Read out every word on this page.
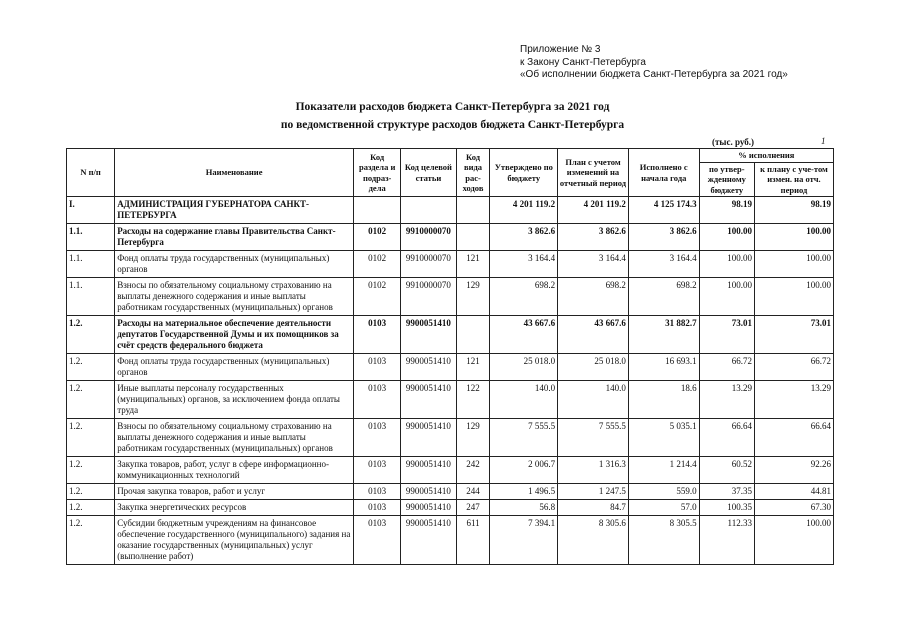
Приложение № 3
к Закону Санкт-Петербурга
«Об исполнении бюджета Санкт-Петербурга за 2021 год»
Показатели расходов бюджета Санкт-Петербурга за 2021 год
по ведомственной структуре расходов бюджета Санкт-Петербурга
(тыс. руб.)	1
N п/п	Наименование	Код раздела и подраз-дела	Код целевой статьи	Код вида рас-ходов	Утверждено по бюджету	План с учетом изменений на отчетный период	Исполнено с начала года	% исполнения	
								по утвер-жденному бюджету	к плану с уче-том измен. на отч. период
I.	АДМИНИСТРАЦИЯ ГУБЕРНАТОРА САНКТ-ПЕТЕРБУРГА				4 201 119.2	4 201 119.2	4 125 174.3	98.19	98.19
1.1.	Расходы на содержание главы Правительства Санкт-Петербурга	0102	9910000070		3 862.6	3 862.6	3 862.6	100.00	100.00
1.1.	Фонд оплаты труда государственных (муниципальных) органов	0102	9910000070	121	3 164.4	3 164.4	3 164.4	100.00	100.00
1.1.	Взносы по обязательному социальному страхованию на выплаты денежного содержания и иные выплаты работникам государственных (муниципальных) органов	0102	9910000070	129	698.2	698.2	698.2	100.00	100.00
1.2.	Расходы на материальное обеспечение деятельности депутатов Государственной Думы и их помощников за счёт средств федерального бюджета	0103	9900051410		43 667.6	43 667.6	31 882.7	73.01	73.01
1.2.	Фонд оплаты труда государственных (муниципальных) органов	0103	9900051410	121	25 018.0	25 018.0	16 693.1	66.72	66.72
1.2.	Иные выплаты персоналу государственных (муниципальных) органов, за исключением фонда оплаты труда	0103	9900051410	122	140.0	140.0	18.6	13.29	13.29
1.2.	Взносы по обязательному социальному страхованию на выплаты денежного содержания и иные выплаты работникам государственных (муниципальных) органов	0103	9900051410	129	7 555.5	7 555.5	5 035.1	66.64	66.64
1.2.	Закупка товаров, работ, услуг в сфере информационно-коммуникационных технологий	0103	9900051410	242	2 006.7	1 316.3	1 214.4	60.52	92.26
1.2.	Прочая закупка товаров, работ и услуг	0103	9900051410	244	1 496.5	1 247.5	559.0	37.35	44.81
1.2.	Закупка энергетических ресурсов	0103	9900051410	247	56.8	84.7	57.0	100.35	67.30
1.2.	Субсидии бюджетным учреждениям на финансовое обеспечение государственного (муниципального) задания на оказание государственных (муниципальных) услуг (выполнение работ)	0103	9900051410	611	7 394.1	8 305.6	8 305.5	112.33	100.00
